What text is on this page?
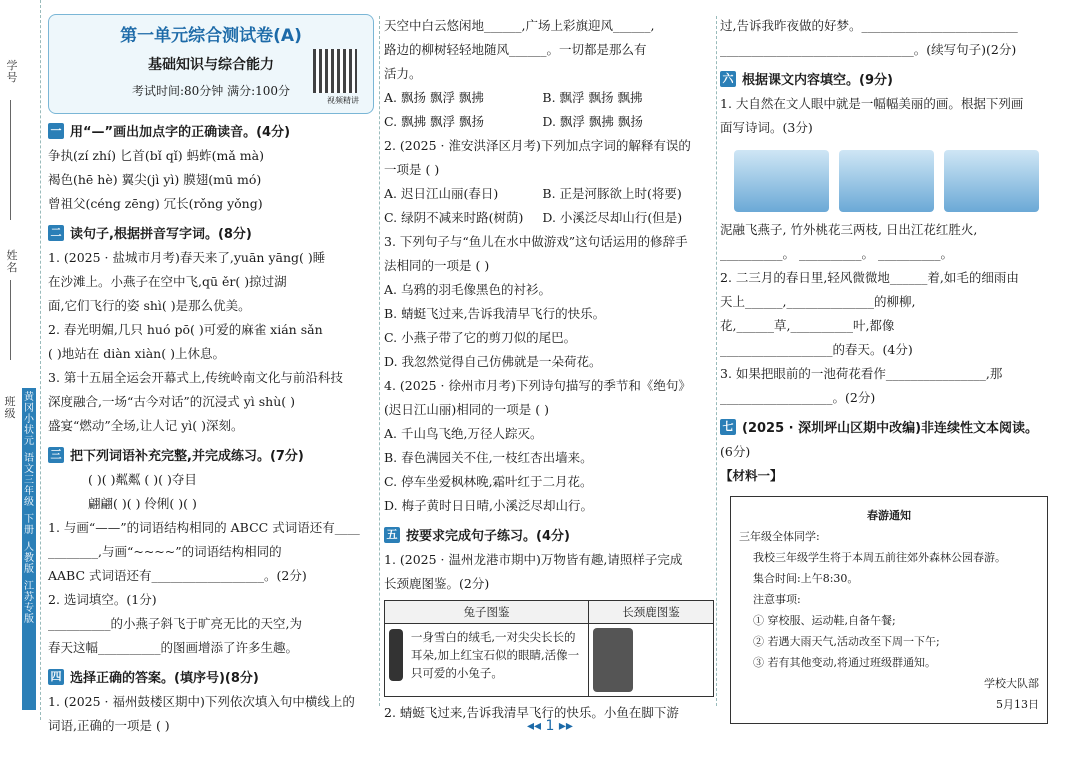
学号
姓名
班级
黄冈小状元
语文三年级
下册
人教版
江苏专版
第一单元综合测试卷(A)
基础知识与综合能力
考试时间:80分钟 满分:100分
视频精讲
一 用“—”画出加点字的正确读音。(4分)
争执(zí zhí) 匕首(bǐ qǐ) 蚂蚱(mǎ mà)
褐色(hē hè) 翼尖(jì yì) 膜翅(mū mó)
曾祖父(céng zēng) 冗长(rǒng yǒng)
二 读句子,根据拼音写字词。(8分)
1. (2025 · 盐城市月考)春天来了,yuān yāng( )睡
在沙滩上。小燕子在空中飞,qū ěr( )掠过湖
面,它们飞行的姿 shì( )是那么优美。
2. 春光明媚,几只 huó pō( )可爱的麻雀 xián sǎn
( )地站在 diàn xiàn( )上休息。
3. 第十五届全运会开幕式上,传统岭南文化与前沿科技
深度融合,一场“古今对话”的沉浸式 yì shù( )
盛宴“燃动”全场,让人记 yì( )深刻。
三 把下列词语补充完整,并完成练习。(7分)
( )( )粼粼 ( )( )夺目
翩翩( )( ) 伶俐( )( )
1. 与画“——”的词语结构相同的 ABCC 式词语还有____
________,与画“~~~~”的词语结构相同的
AABC 式词语还有__________________。(2分)
2. 选词填空。(1分)
__________的小燕子斜飞于旷亮无比的天空,为
春天这幅__________的图画增添了许多生趣。
四 选择正确的答案。(填序号)(8分)
1. (2025 · 福州鼓楼区期中)下列依次填入句中横线上的
词语,正确的一项是 ( )
天空中白云悠闲地______,广场上彩旗迎风______,
路边的柳树轻轻地随风______。一切都是那么有
活力。
A. 飘扬 飘浮 飘拂	B. 飘浮 飘扬 飘拂
C. 飘拂 飘浮 飘扬	D. 飘浮 飘拂 飘扬
2. (2025 · 淮安洪泽区月考)下列加点字词的解释有误的
一项是 ( )
A. 迟日江山丽(春日)	B. 正是河豚欲上时(将要)
C. 绿阴不减来时路(树荫) D. 小溪泛尽却山行(但是)
3. 下列句子与“鱼儿在水中做游戏”这句话运用的修辞手
法相同的一项是 ( )
A. 乌鸦的羽毛像黑色的衬衫。
B. 蜻蜓飞过来,告诉我清早飞行的快乐。
C. 小燕子带了它的剪刀似的尾巴。
D. 我忽然觉得自己仿佛就是一朵荷花。
4. (2025 · 徐州市月考)下列诗句描写的季节和《绝句》
(迟日江山丽)相同的一项是 ( )
A. 千山鸟飞绝,万径人踪灭。
B. 春色满园关不住,一枝红杏出墙来。
C. 停车坐爱枫林晚,霜叶红于二月花。
D. 梅子黄时日日晴,小溪泛尽却山行。
五 按要求完成句子练习。(4分)
1. (2025 · 温州龙港市期中)万物皆有趣,请照样子完成
长颈鹿图鉴。(2分)
兔子图鉴	长颈鹿图鉴

一身雪白的绒毛,一对尖尖长长的耳朵,加上红宝石似的眼睛,活像一只可爱的小兔子。	

2. 蜻蜓飞过来,告诉我清早飞行的快乐。小鱼在脚下游
过,告诉我昨夜做的好梦。_________________________
_______________________________。(续写句子)(2分)
六 根据课文内容填空。(9分)
1. 大自然在文人眼中就是一幅幅美丽的画。根据下列画
面写诗词。(3分)
泥融飞燕子, 竹外桃花三两枝, 日出江花红胜火,
__________。 __________。 __________。
2. 二三月的春日里,轻风微微地______着,如毛的细雨由
天上______,______________的柳柳,
花,______草,__________叶,都像
__________________的春天。(4分)
3. 如果把眼前的一池荷花看作________________,那
__________________。(2分)
七 (2025 · 深圳坪山区期中改编)非连续性文本阅读。
(6分)
【材料一】
春游通知
三年级全体同学:
我校三年级学生将于本周五前往郊外森林公园春游。
集合时间:上午8:30。
注意事项:
① 穿校服、运动鞋,自备午餐;
② 若遇大雨天气,活动改至下周一下午;
③ 若有其他变动,将通过班级群通知。
学校大队部
5月13日
◂◂ 1 ▸▸
